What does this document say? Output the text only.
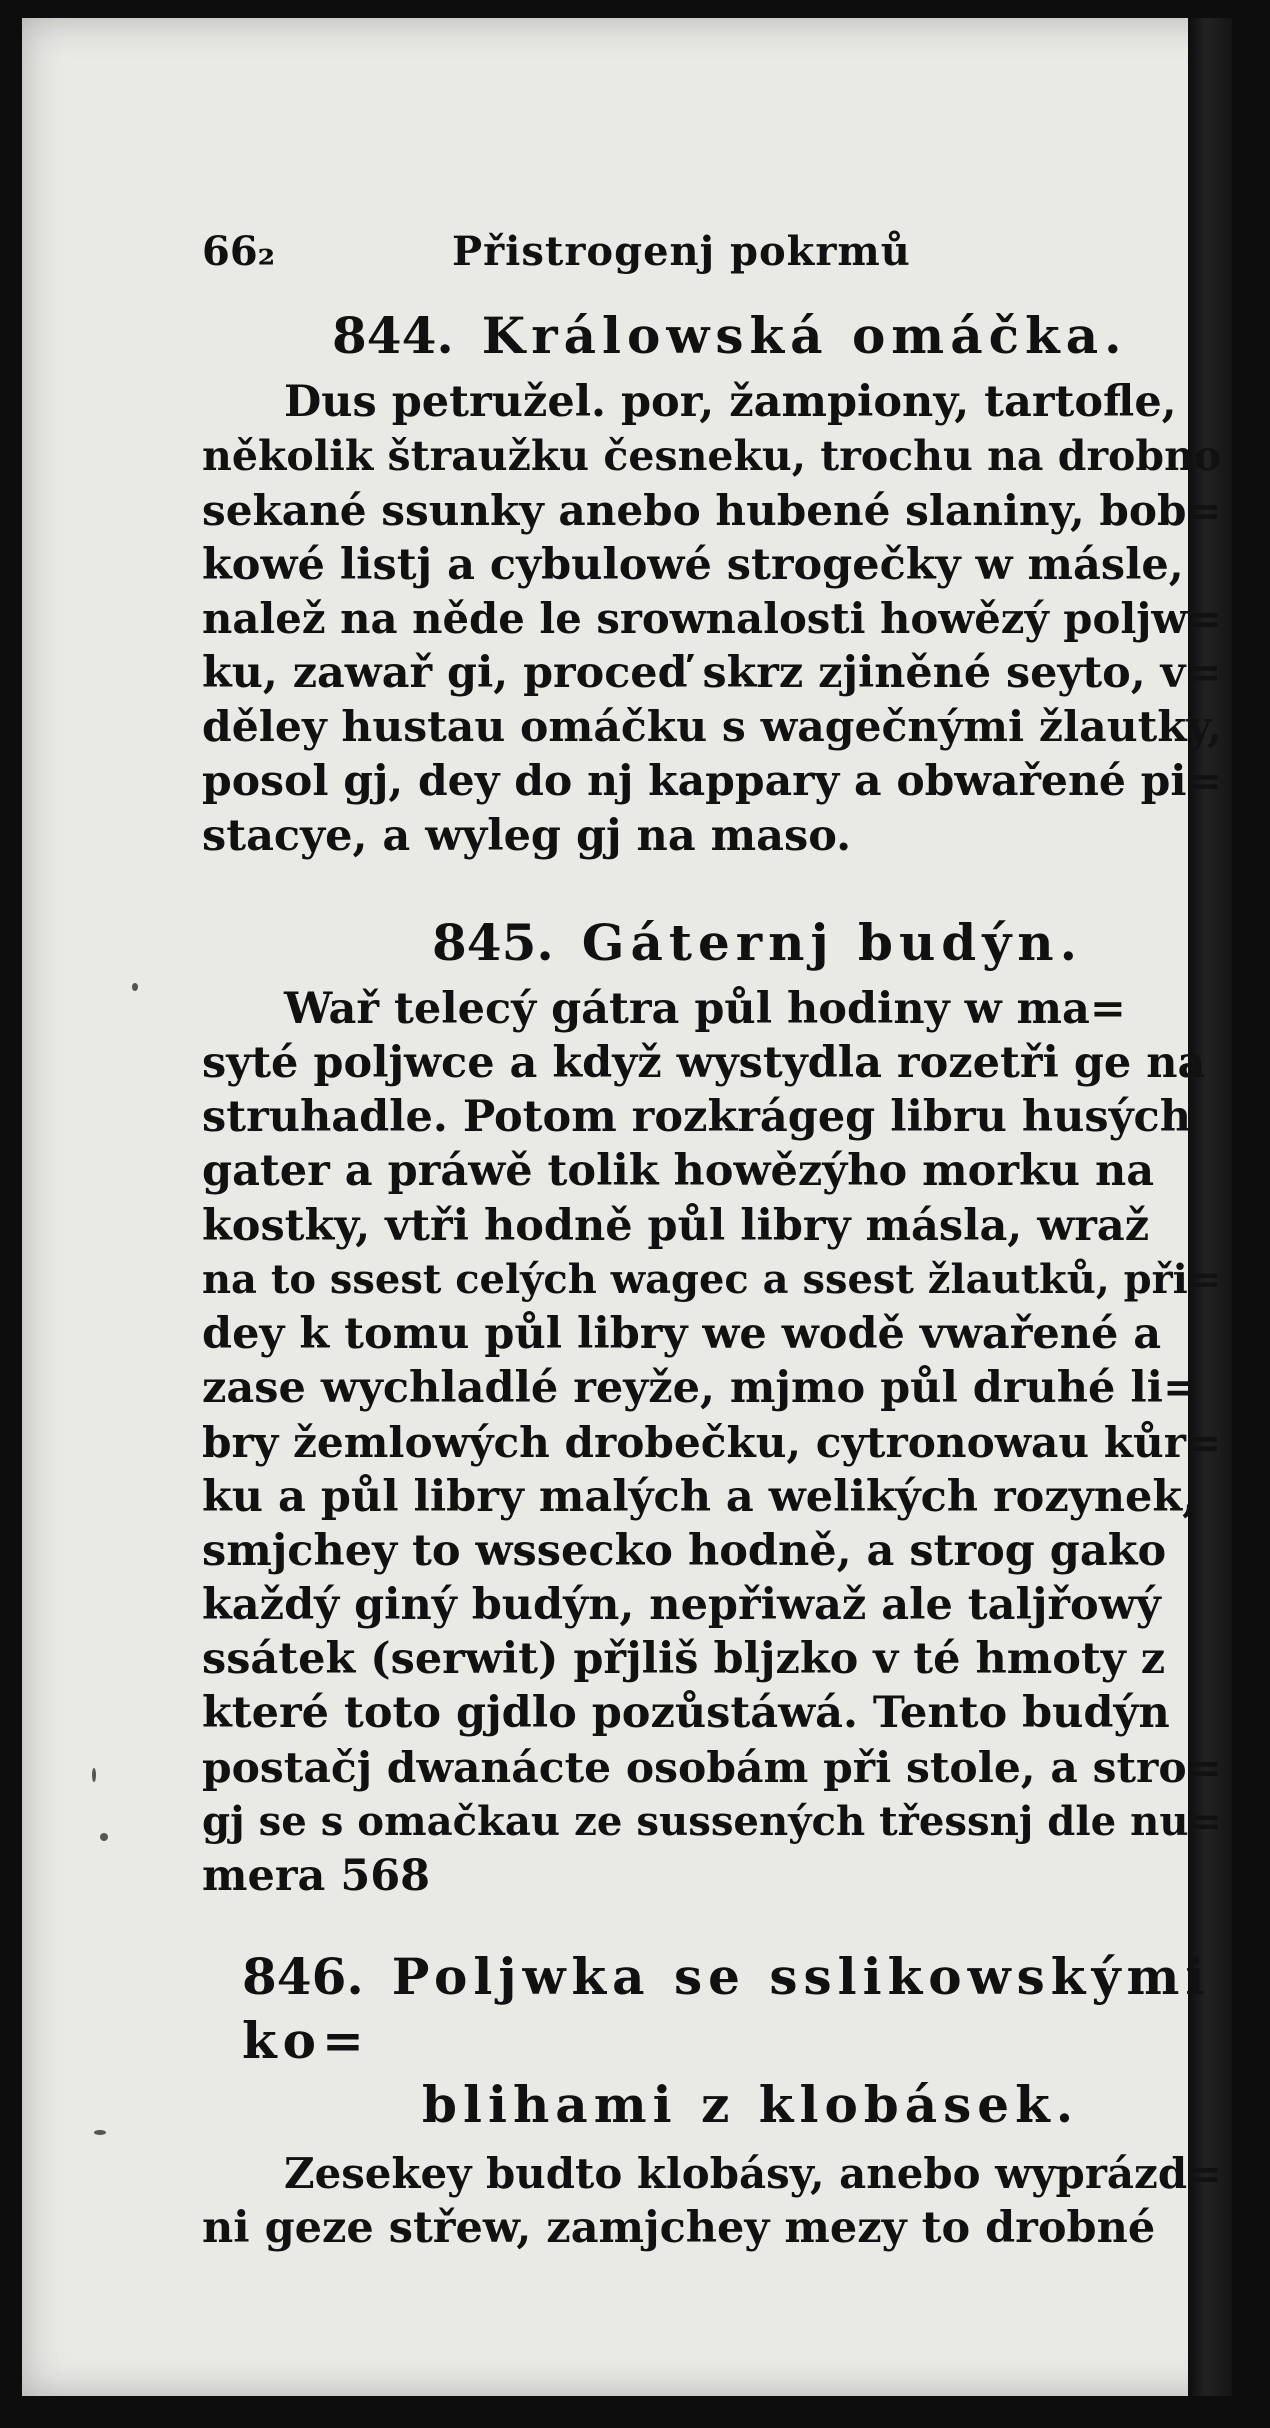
66₂	Přistrogenj pokrmů
844. Králowská omáčka.

Dus petružel. por, žampiony, tartofle,
několik štraužku česneku, trochu na drobno
sekané ssunky anebo hubené slaniny, bob=
kowé listj a cybulowé strogečky w másle,
nalež na něde le srownalosti howězý poljw=
ku, zawař gi, proceď skrz zjiněné seyto, v=
děley hustau omáčku s wagečnými žlautky,
posol gj, dey do nj kappary a obwařené pi=
stacye, a wyleg gj na maso.

845. Gáternj budýn.

Wař telecý gátra půl hodiny w ma=
syté poljwce a když wystydla rozetři ge na
struhadle. Potom rozkrágeg libru husých
gater a práwě tolik howězýho morku na
kostky, vtři hodně půl libry másla, wraž
na to ssest celých wagec a ssest žlautků, při=
dey k tomu půl libry we wodě vwařené a
zase wychladlé reyže, mjmo půl druhé li=
bry žemlowých drobečku, cytronowau kůr=
ku a půl libry malých a welikých rozynek,
smjchey to wssecko hodně, a strog gako
každý giný budýn, nepřiwaž ale taljřowý
ssátek (serwit) přjliš bljzko v té hmoty z
které toto gjdlo pozůstáwá. Tento budýn
postačj dwanácte osobám při stole, a stro=
gj se s omačkau ze sussených třessnj dle nu=
mera 568

846. Poljwka se sslikowskými ko=
blihami z klobásek.

Zesekey budto klobásy, anebo wyprázd=
ni geze střew, zamjchey mezy to drobné
